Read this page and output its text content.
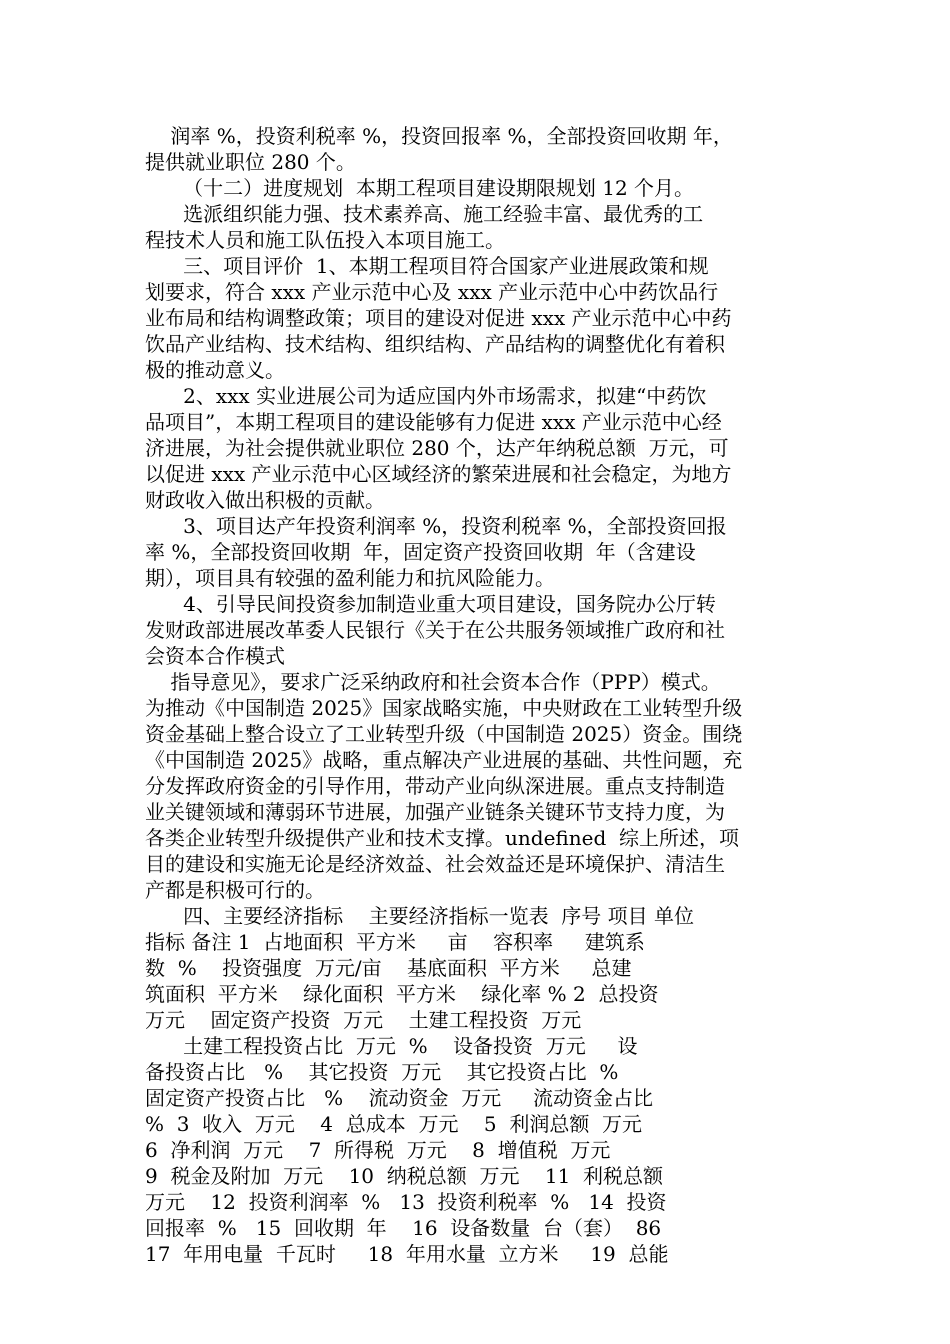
润率 %，投资利税率 %，投资回报率 %，全部投资回收期 年，
提供就业职位 280 个。
（十二）进度规划  本期工程项目建设期限规划 12 个月。
选派组织能力强、技术素养高、施工经验丰富、最优秀的工
程技术人员和施工队伍投入本项目施工。
三、项目评价  1、本期工程项目符合国家产业进展政策和规
划要求，符合 xxx 产业示范中心及 xxx 产业示范中心中药饮品行
业布局和结构调整政策；项目的建设对促进 xxx 产业示范中心中药
饮品产业结构、技术结构、组织结构、产品结构的调整优化有着积
极的推动意义。
2、xxx 实业进展公司为适应国内外市场需求，拟建“中药饮
品项目”，本期工程项目的建设能够有力促进 xxx 产业示范中心经
济进展，为社会提供就业职位 280 个，达产年纳税总额  万元，可
以促进 xxx 产业示范中心区域经济的繁荣进展和社会稳定，为地方
财政收入做出积极的贡献。
3、项目达产年投资利润率 %，投资利税率 %，全部投资回报
率 %，全部投资回收期  年，固定资产投资回收期  年（含建设
期），项目具有较强的盈利能力和抗风险能力。
4、引导民间投资参加制造业重大项目建设，国务院办公厅转
发财政部进展改革委人民银行《关于在公共服务领域推广政府和社
会资本合作模式
指导意见》，要求广泛采纳政府和社会资本合作（PPP）模式。
为推动《中国制造 2025》国家战略实施，中央财政在工业转型升级
资金基础上整合设立了工业转型升级（中国制造 2025）资金。围绕
《中国制造 2025》战略，重点解决产业进展的基础、共性问题，充
分发挥政府资金的引导作用，带动产业向纵深进展。重点支持制造
业关键领域和薄弱环节进展，加强产业链条关键环节支持力度，为
各类企业转型升级提供产业和技术支撑。undefined  综上所述，项
目的建设和实施无论是经济效益、社会效益还是环境保护、清洁生
产都是积极可行的。
四、主要经济指标    主要经济指标一览表  序号 项目 单位
指标 备注 1  占地面积  平方米     亩    容积率     建筑系
数  %    投资强度  万元/亩    基底面积  平方米     总建
筑面积  平方米    绿化面积  平方米    绿化率 % 2  总投资
万元    固定资产投资  万元    土建工程投资  万元
土建工程投资占比  万元  %    设备投资  万元     设
备投资占比   %    其它投资  万元    其它投资占比  %
固定资产投资占比   %    流动资金  万元     流动资金占比
%  3  收入  万元    4  总成本  万元    5  利润总额  万元
6  净利润  万元    7  所得税  万元    8  增值税  万元
9  税金及附加  万元    10  纳税总额  万元    11  利税总额
万元    12  投资利润率  %   13  投资利税率  %   14  投资
回报率  %   15  回收期  年    16  设备数量  台（套）  86
17  年用电量  千瓦时     18  年用水量  立方米     19  总能
